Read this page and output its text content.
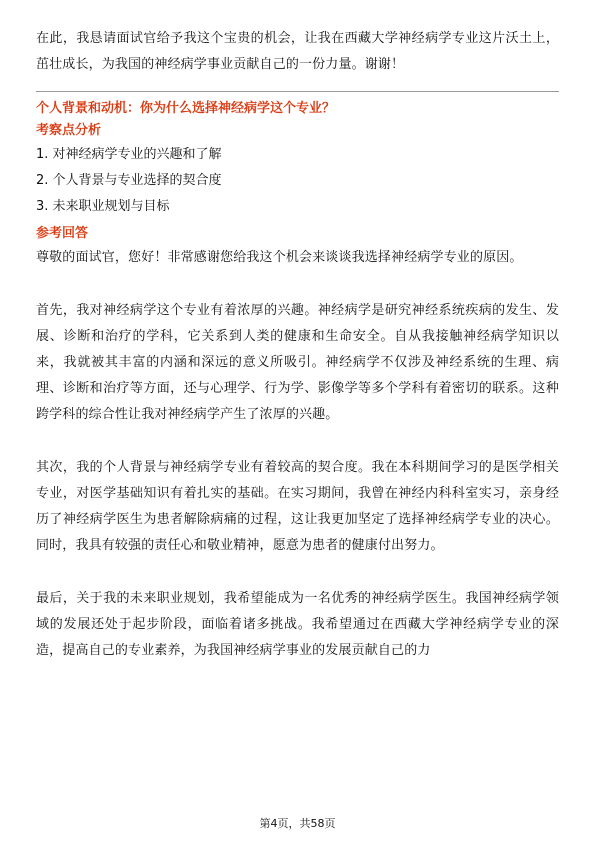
在此，我恳请面试官给予我这个宝贵的机会，让我在西藏大学神经病学专业这片沃土上，茁壮成长，为我国的神经病学事业贡献自己的一份力量。谢谢！

个人背景和动机：你为什么选择神经病学这个专业？
考察点分析
1. 对神经病学专业的兴趣和了解
2. 个人背景与专业选择的契合度
3. 未来职业规划与目标
参考回答

尊敬的面试官，您好！非常感谢您给我这个机会来谈谈我选择神经病学专业的原因。

首先，我对神经病学这个专业有着浓厚的兴趣。神经病学是研究神经系统疾病的发生、发展、诊断和治疗的学科，它关系到人类的健康和生命安全。自从我接触神经病学知识以来，我就被其丰富的内涵和深远的意义所吸引。神经病学不仅涉及神经系统的生理、病理、诊断和治疗等方面，还与心理学、行为学、影像学等多个学科有着密切的联系。这种跨学科的综合性让我对神经病学产生了浓厚的兴趣。

其次，我的个人背景与神经病学专业有着较高的契合度。我在本科期间学习的是医学相关专业，对医学基础知识有着扎实的基础。在实习期间，我曾在神经内科科室实习，亲身经历了神经病学医生为患者解除病痛的过程，这让我更加坚定了选择神经病学专业的决心。同时，我具有较强的责任心和敬业精神，愿意为患者的健康付出努力。

最后，关于我的未来职业规划，我希望能成为一名优秀的神经病学医生。我国神经病学领域的发展还处于起步阶段，面临着诸多挑战。我希望通过在西藏大学神经病学专业的深造，提高自己的专业素养，为我国神经病学事业的发展贡献自己的力

第4页，共58页
